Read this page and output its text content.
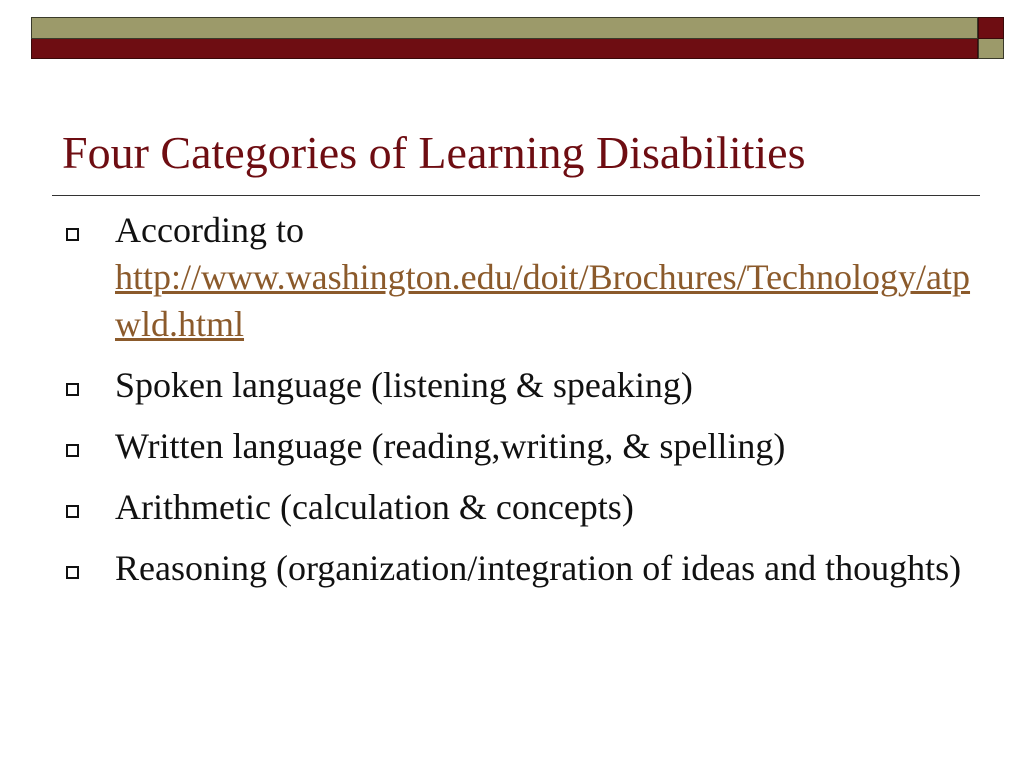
Four Categories of Learning Disabilities
According to
http://www.washington.edu/doit/Brochures/Technology/atpwld.html
Spoken language (listening & speaking)
Written language (reading,writing, & spelling)
Arithmetic (calculation & concepts)
Reasoning (organization/integration of ideas and thoughts)
